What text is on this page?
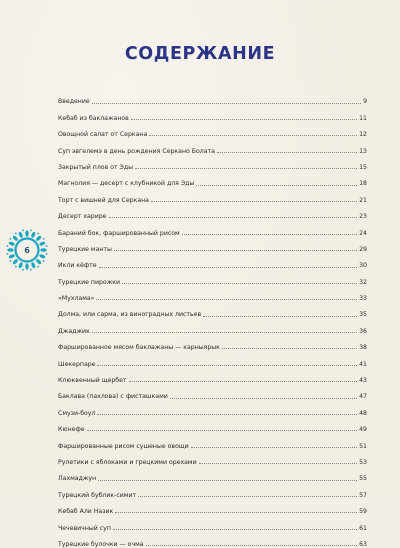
СОДЕРЖАНИЕ
6
Введение	9
Кебаб из баклажанов	11
Овощной салат от Серкана	12
Суп эвгелемэ в день рождения Серкано Болата	13
Закрытый плов от Эды	15
Магнолия — десерт с клубникой для Эды	18
Торт с вишней для Серкана	21
Десерт харире	23
Бараний бок, фаршированный рисом	24
Турецкие манты	29
Икли кёфте	30
Турецкие пирожки	32
«Мухлама»	33
Долма, или сарма, из виноградных листьев	35
Джаджик	36
Фаршированное мясом баклажаны — карныярык	38
Шекерпаре	41
Клюквенный щербет	43
Баклава (пахлова) с фисташками	47
Смузи-боул	48
Кюнефе	49
Фаршированные рисом сушеные овощи	51
Рулетики с яблоками и грецкими орехами	53
Лахмаджун	55
Турецкий бублик-симит	57
Кебаб Али Назик	59
Чечевичный суп	61
Турецкие булочки — очма	63
